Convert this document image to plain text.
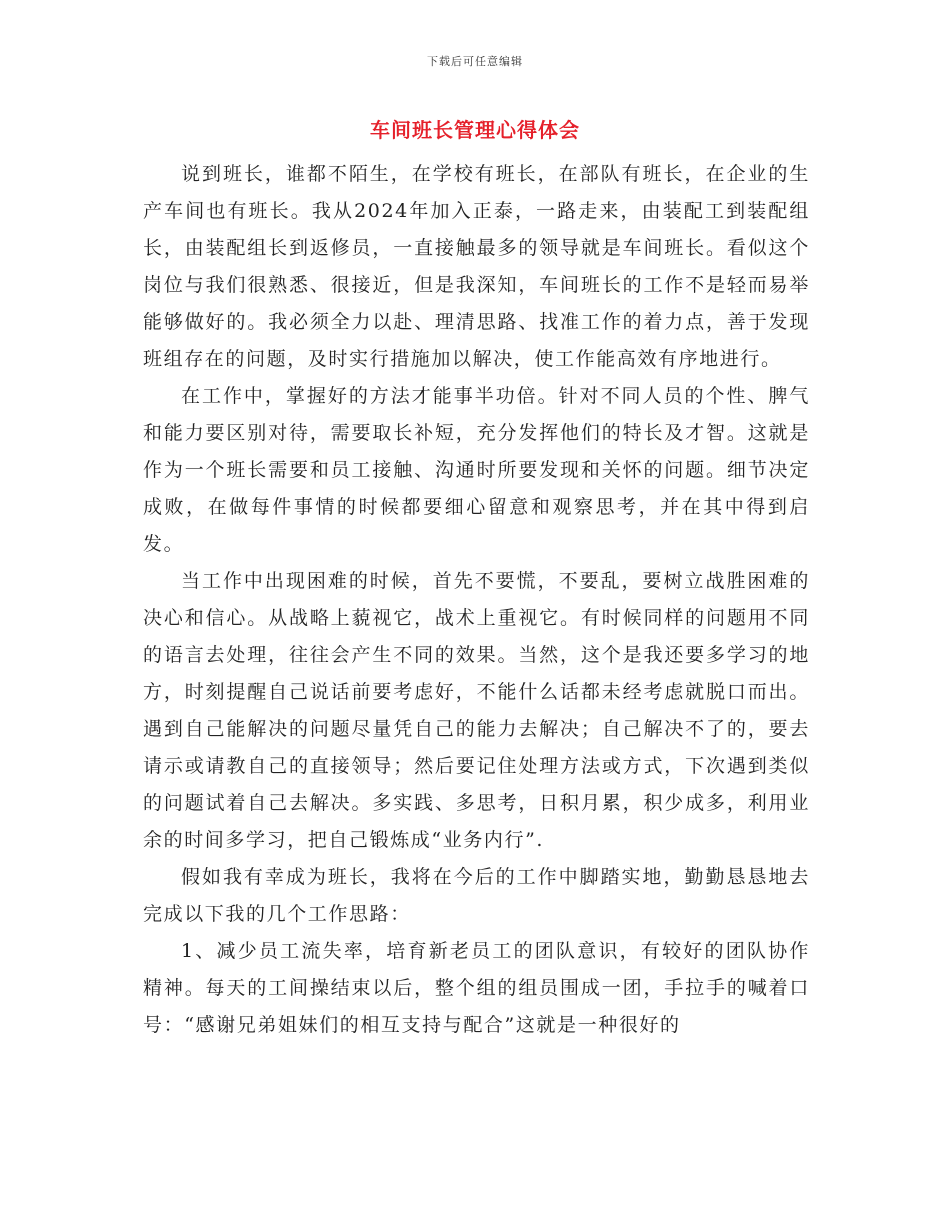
下载后可任意编辑
车间班长管理心得体会

说到班长，谁都不陌生，在学校有班长，在部队有班长，在企业的生产车间也有班长。我从2024年加入正泰，一路走来，由装配工到装配组长，由装配组长到返修员，一直接触最多的领导就是车间班长。看似这个岗位与我们很熟悉、很接近，但是我深知，车间班长的工作不是轻而易举能够做好的。我必须全力以赴、理清思路、找准工作的着力点，善于发现班组存在的问题，及时实行措施加以解决，使工作能高效有序地进行。

在工作中，掌握好的方法才能事半功倍。针对不同人员的个性、脾气和能力要区别对待，需要取长补短，充分发挥他们的特长及才智。这就是作为一个班长需要和员工接触、沟通时所要发现和关怀的问题。细节决定成败，在做每件事情的时候都要细心留意和观察思考，并在其中得到启发。

当工作中出现困难的时候，首先不要慌，不要乱，要树立战胜困难的决心和信心。从战略上藐视它，战术上重视它。有时候同样的问题用不同的语言去处理，往往会产生不同的效果。当然，这个是我还要多学习的地方，时刻提醒自己说话前要考虑好，不能什么话都未经考虑就脱口而出。遇到自己能解决的问题尽量凭自己的能力去解决；自己解决不了的，要去请示或请教自己的直接领导；然后要记住处理方法或方式，下次遇到类似的问题试着自己去解决。多实践、多思考，日积月累，积少成多，利用业余的时间多学习，把自己锻炼成“业务内行”.

假如我有幸成为班长，我将在今后的工作中脚踏实地，勤勤恳恳地去完成以下我的几个工作思路：

1、减少员工流失率，培育新老员工的团队意识，有较好的团队协作精神。每天的工间操结束以后，整个组的组员围成一团，手拉手的喊着口号：“感谢兄弟姐妹们的相互支持与配合”这就是一种很好的
